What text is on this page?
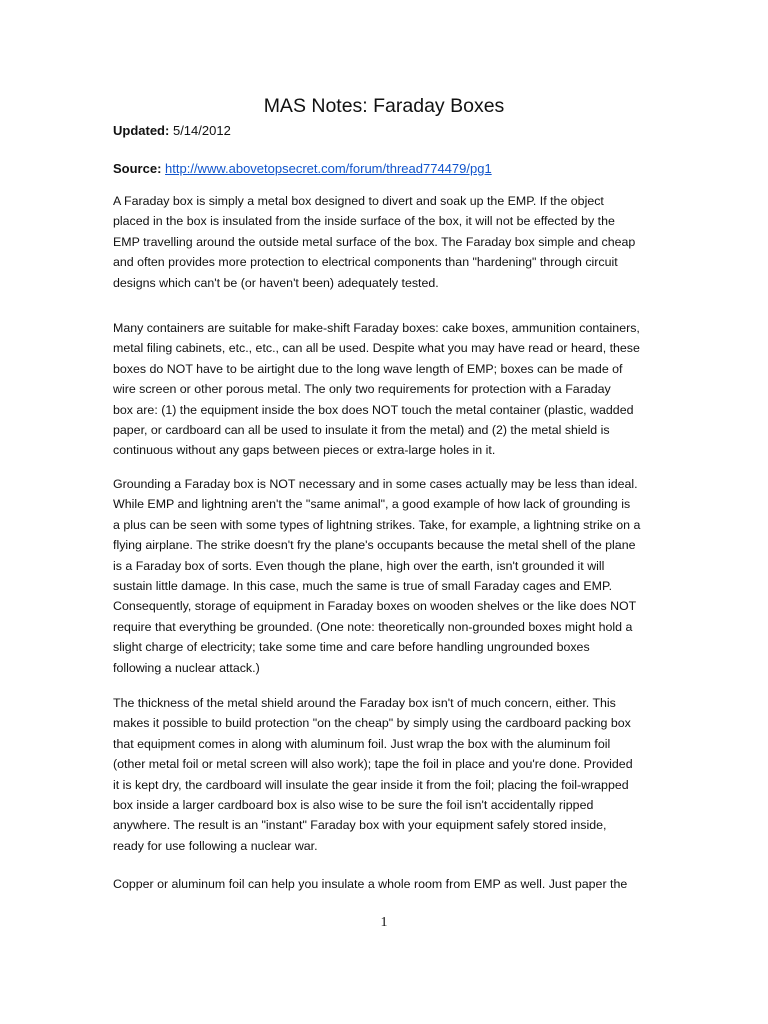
MAS Notes: Faraday Boxes
Updated: 5/14/2012
Source: http://www.abovetopsecret.com/forum/thread774479/pg1
A Faraday box is simply a metal box designed to divert and soak up the EMP. If the object
placed in the box is insulated from the inside surface of the box, it will not be effected by the
EMP travelling around the outside metal surface of the box. The Faraday box simple and cheap
and often provides more protection to electrical components than "hardening" through circuit
designs which can't be (or haven't been) adequately tested.
Many containers are suitable for make-shift Faraday boxes: cake boxes, ammunition containers,
metal filing cabinets, etc., etc., can all be used. Despite what you may have read or heard, these
boxes do NOT have to be airtight due to the long wave length of EMP; boxes can be made of
wire screen or other porous metal. The only two requirements for protection with a Faraday
box are: (1) the equipment inside the box does NOT touch the metal container (plastic, wadded
paper, or cardboard can all be used to insulate it from the metal) and (2) the metal shield is
continuous without any gaps between pieces or extra-large holes in it.
Grounding a Faraday box is NOT necessary and in some cases actually may be less than ideal.
While EMP and lightning aren't the "same animal", a good example of how lack of grounding is
a plus can be seen with some types of lightning strikes. Take, for example, a lightning strike on a
flying airplane. The strike doesn't fry the plane's occupants because the metal shell of the plane
is a Faraday box of sorts. Even though the plane, high over the earth, isn't grounded it will
sustain little damage. In this case, much the same is true of small Faraday cages and EMP.
Consequently, storage of equipment in Faraday boxes on wooden shelves or the like does NOT
require that everything be grounded. (One note: theoretically non-grounded boxes might hold a
slight charge of electricity; take some time and care before handling ungrounded boxes
following a nuclear attack.)
The thickness of the metal shield around the Faraday box isn't of much concern, either. This
makes it possible to build protection "on the cheap" by simply using the cardboard packing box
that equipment comes in along with aluminum foil. Just wrap the box with the aluminum foil
(other metal foil or metal screen will also work); tape the foil in place and you're done. Provided
it is kept dry, the cardboard will insulate the gear inside it from the foil; placing the foil-wrapped
box inside a larger cardboard box is also wise to be sure the foil isn't accidentally ripped
anywhere. The result is an "instant" Faraday box with your equipment safely stored inside,
ready for use following a nuclear war.
Copper or aluminum foil can help you insulate a whole room from EMP as well. Just paper the
1
